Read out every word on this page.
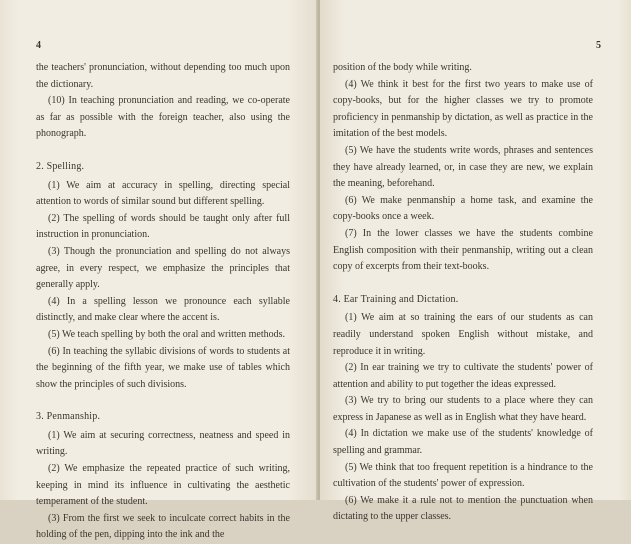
4
the teachers' pronunciation, without depending too much upon the dictionary.
(10) In teaching pronunciation and reading, we co-operate as far as possible with the foreign teacher, also using the phonograph.
2. Spelling.
(1) We aim at accuracy in spelling, directing special attention to words of similar sound but different spelling.
(2) The spelling of words should be taught only after full instruction in pronunciation.
(3) Though the pronunciation and spelling do not always agree, in every respect, we emphasize the principles that generally apply.
(4) In a spelling lesson we pronounce each syllable distinctly, and make clear where the accent is.
(5) We teach spelling by both the oral and written methods.
(6) In teaching the syllabic divisions of words to students at the beginning of the fifth year, we make use of tables which show the principles of such divisions.
3. Penmanship.
(1) We aim at securing correctness, neatness and speed in writing.
(2) We emphasize the repeated practice of such writing, keeping in mind its influence in cultivating the aesthetic temperament of the student.
(3) From the first we seek to inculcate correct habits in the holding of the pen, dipping into the ink and the
5
position of the body while writing.
(4) We think it best for the first two years to make use of copy-books, but for the higher classes we try to promote proficiency in penmanship by dictation, as well as practice in the imitation of the best models.
(5) We have the students write words, phrases and sentences they have already learned, or, in case they are new, we explain the meaning, beforehand.
(6) We make penmanship a home task, and examine the copy-books once a week.
(7) In the lower classes we have the students combine English composition with their penmanship, writing out a clean copy of excerpts from their text-books.
4. Ear Training and Dictation.
(1) We aim at so training the ears of our students as can readily understand spoken English without mistake, and reproduce it in writing.
(2) In ear training we try to cultivate the students' power of attention and ability to put together the ideas expressed.
(3) We try to bring our students to a place where they can express in Japanese as well as in English what they have heard.
(4) In dictation we make use of the students' knowledge of spelling and grammar.
(5) We think that too frequent repetition is a hindrance to the cultivation of the students' power of expression.
(6) We make it a rule not to mention the punctuation when dictating to the upper classes.
